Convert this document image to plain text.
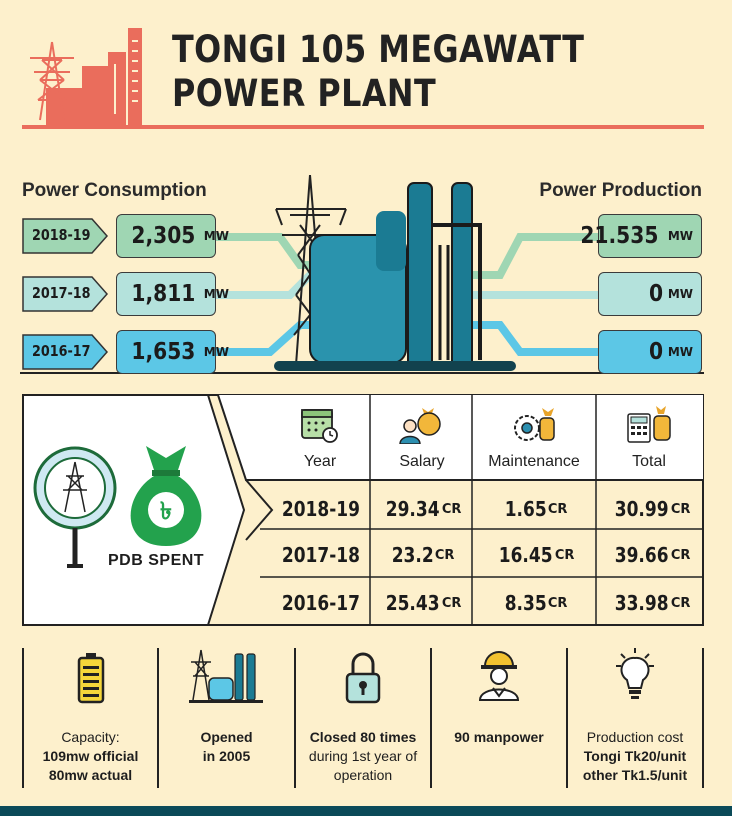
TONGI 105 MEGAWATT
POWER PLANT
Power Consumption	Power Production
2018-19 2,305 MW
2017-18 1,811 MW
2016-17 1,653 MW
21.535 MW
0 MW
0 MW
৳
PDB SPENT
Year	Salary	Maintenance	Total
2018-19 29.34 CR 1.65 CR 30.99 CR
2017-18 23.2 CR 16.45 CR 39.66 CR
2016-17 25.43 CR 8.35 CR 33.98 CR
Capacity:
109mw official
80mw actual
Opened
in 2005
Closed 80 times
during 1st year of
operation
90 manpower	Production cost
Tongi Tk20/unit
other Tk1.5/unit
